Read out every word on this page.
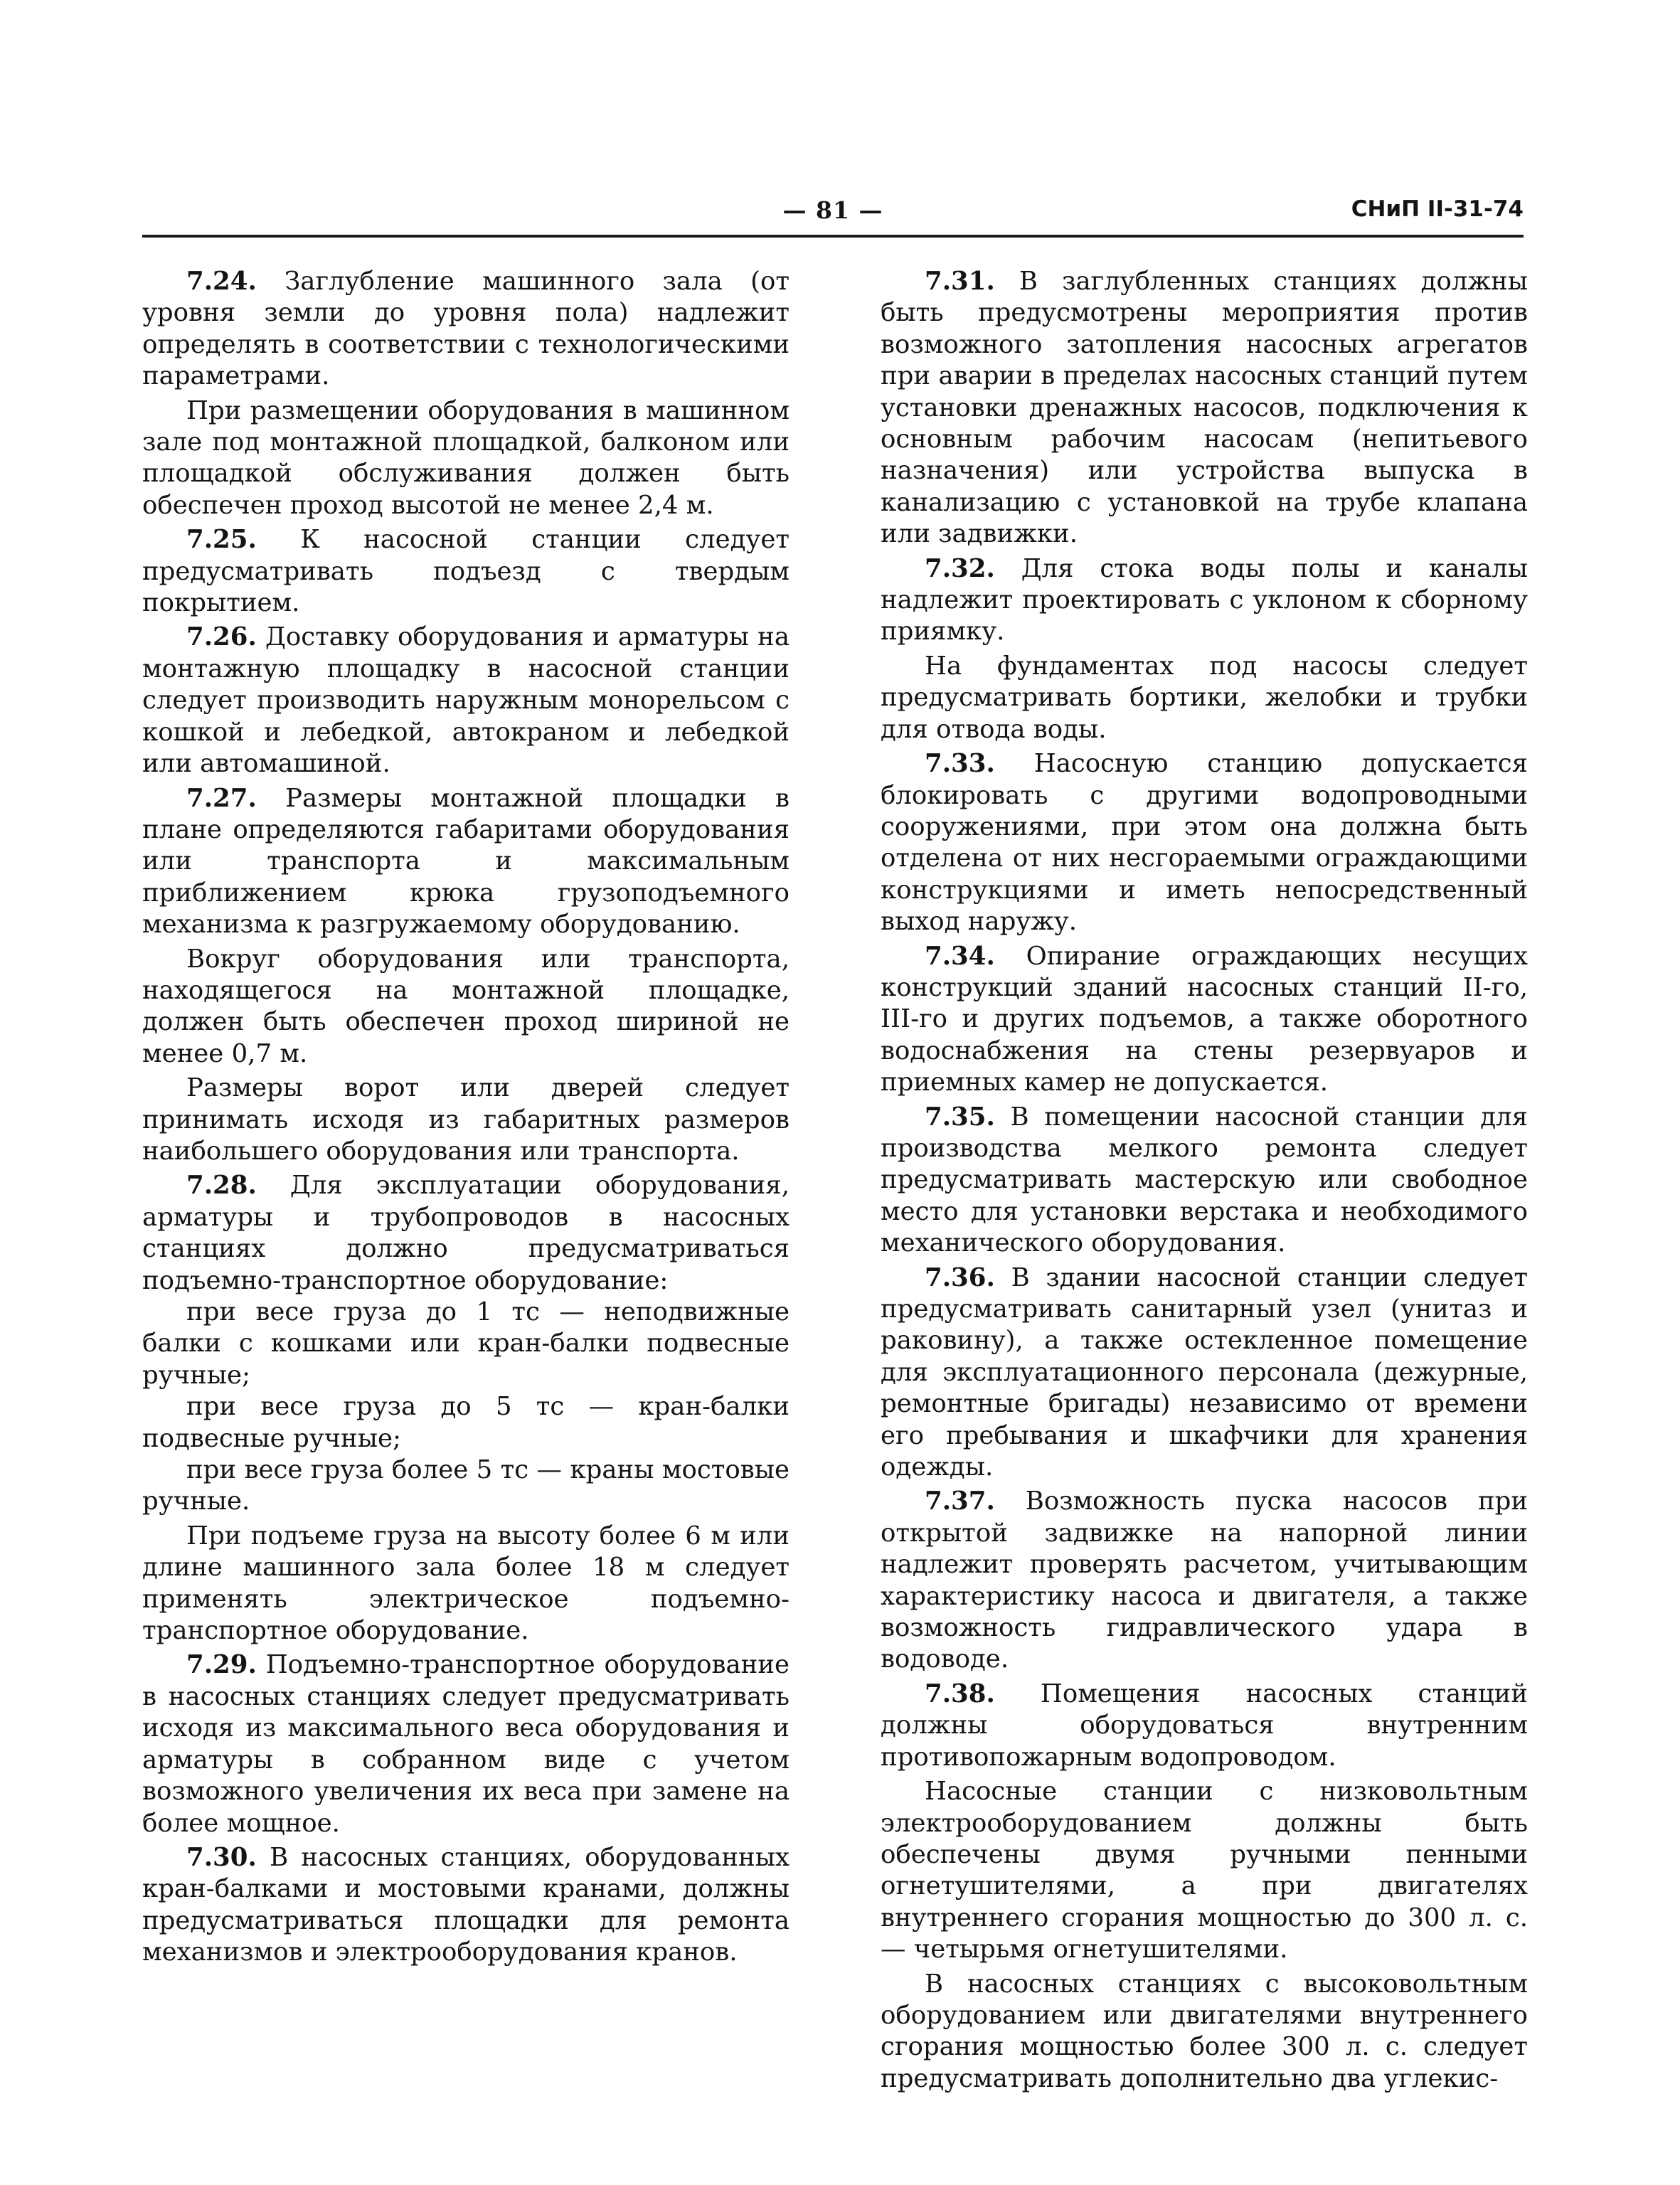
— 81 —	СНиП II-31-74

7.24. Заглубление машинного зала (от уровня земли до уровня пола) надлежит определять в соответствии с технологическими параметрами.

При размещении оборудования в машинном зале под монтажной площадкой, балконом или площадкой обслуживания должен быть обеспечен проход высотой не менее 2,4 м.

7.25. К насосной станции следует предусматривать подъезд с твердым покрытием.

7.26. Доставку оборудования и арматуры на монтажную площадку в насосной станции следует производить наружным монорельсом с кошкой и лебедкой, автокраном и лебедкой или автомашиной.

7.27. Размеры монтажной площадки в плане определяются габаритами оборудования или транспорта и максимальным приближением крюка грузоподъемного механизма к разгружаемому оборудованию.

Вокруг оборудования или транспорта, находящегося на монтажной площадке, должен быть обеспечен проход шириной не менее 0,7 м.

Размеры ворот или дверей следует принимать исходя из габаритных размеров наибольшего оборудования или транспорта.

7.28. Для эксплуатации оборудования, арматуры и трубопроводов в насосных станциях должно предусматриваться подъемно-транспортное оборудование:

при весе груза до 1 тс — неподвижные балки с кошками или кран-балки подвесные ручные;

при весе груза до 5 тс — кран-балки подвесные ручные;

при весе груза более 5 тс — краны мостовые ручные.

При подъеме груза на высоту более 6 м или длине машинного зала более 18 м следует применять электрическое подъемно-транспортное оборудование.

7.29. Подъемно-транспортное оборудование в насосных станциях следует предусматривать исходя из максимального веса оборудования и арматуры в собранном виде с учетом возможного увеличения их веса при замене на более мощное.

7.30. В насосных станциях, оборудованных кран-балками и мостовыми кранами, должны предусматриваться площадки для ремонта механизмов и электрооборудования кранов.

7.31. В заглубленных станциях должны быть предусмотрены мероприятия против возможного затопления насосных агрегатов при аварии в пределах насосных станций путем установки дренажных насосов, подключения к основным рабочим насосам (непитьевого назначения) или устройства выпуска в канализацию с установкой на трубе клапана или задвижки.

7.32. Для стока воды полы и каналы надлежит проектировать с уклоном к сборному приямку.

На фундаментах под насосы следует предусматривать бортики, желобки и трубки для отвода воды.

7.33. Насосную станцию допускается блокировать с другими водопроводными сооружениями, при этом она должна быть отделена от них несгораемыми ограждающими конструкциями и иметь непосредственный выход наружу.

7.34. Опирание ограждающих несущих конструкций зданий насосных станций II-го, III-го и других подъемов, а также оборотного водоснабжения на стены резервуаров и приемных камер не допускается.

7.35. В помещении насосной станции для производства мелкого ремонта следует предусматривать мастерскую или свободное место для установки верстака и необходимого механического оборудования.

7.36. В здании насосной станции следует предусматривать санитарный узел (унитаз и раковину), а также остекленное помещение для эксплуатационного персонала (дежурные, ремонтные бригады) независимо от времени его пребывания и шкафчики для хранения одежды.

7.37. Возможность пуска насосов при открытой задвижке на напорной линии надлежит проверять расчетом, учитывающим характеристику насоса и двигателя, а также возможность гидравлического удара в водоводе.

7.38. Помещения насосных станций должны оборудоваться внутренним противопожарным водопроводом.

Насосные станции с низковольтным электрооборудованием должны быть обеспечены двумя ручными пенными огнетушителями, а при двигателях внутреннего сгорания мощностью до 300 л. с. — четырьмя огнетушителями.

В насосных станциях с высоковольтным оборудованием или двигателями внутреннего сгорания мощностью более 300 л. с. следует предусматривать дополнительно два углекис-
